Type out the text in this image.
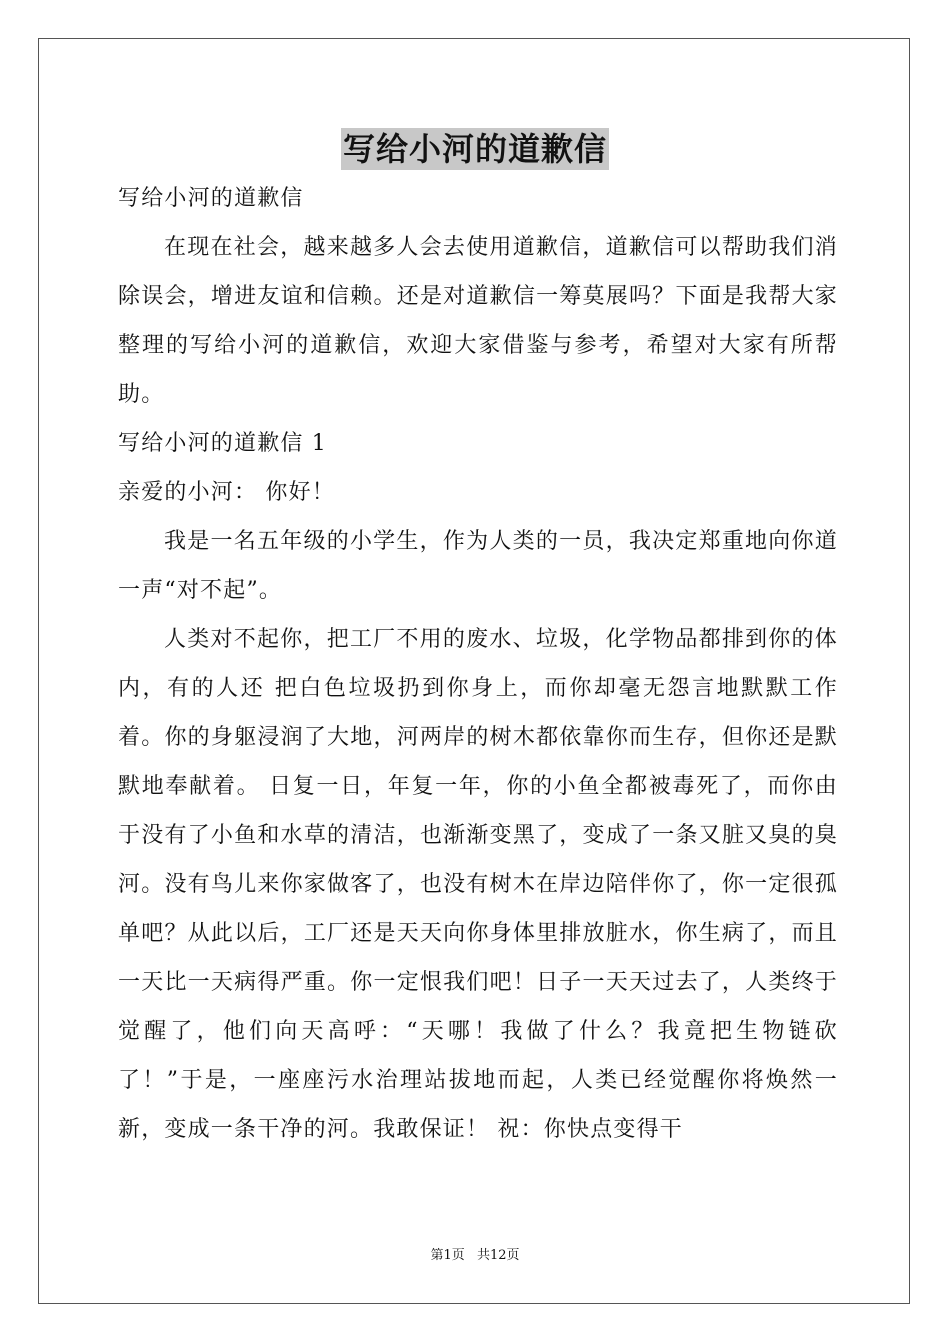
写给小河的道歉信

写给小河的道歉信

在现在社会，越来越多人会去使用道歉信，道歉信可以帮助我们消除误会，增进友谊和信赖。还是对道歉信一筹莫展吗？下面是我帮大家整理的写给小河的道歉信，欢迎大家借鉴与参考，希望对大家有所帮助。

写给小河的道歉信 1

亲爱的小河： 你好！

我是一名五年级的小学生，作为人类的一员，我决定郑重地向你道一声“对不起”。

人类对不起你，把工厂不用的废水、垃圾，化学物品都排到你的体内，有的人还 把白色垃圾扔到你身上，而你却毫无怨言地默默工作着。你的身躯浸润了大地，河两岸的树木都依靠你而生存，但你还是默默地奉献着。 日复一日，年复一年，你的小鱼全都被毒死了，而你由于没有了小鱼和水草的清洁，也渐渐变黑了，变成了一条又脏又臭的臭河。没有鸟儿来你家做客了，也没有树木在岸边陪伴你了，你一定很孤单吧？从此以后，工厂还是天天向你身体里排放脏水，你生病了，而且一天比一天病得严重。你一定恨我们吧！日子一天天过去了，人类终于觉醒了，他们向天高呼：“天哪！我做了什么？我竟把生物链砍了！”于是，一座座污水治理站拔地而起，人类已经觉醒你将焕然一新，变成一条干净的河。我敢保证！ 祝：你快点变得干

第1页 共12页
